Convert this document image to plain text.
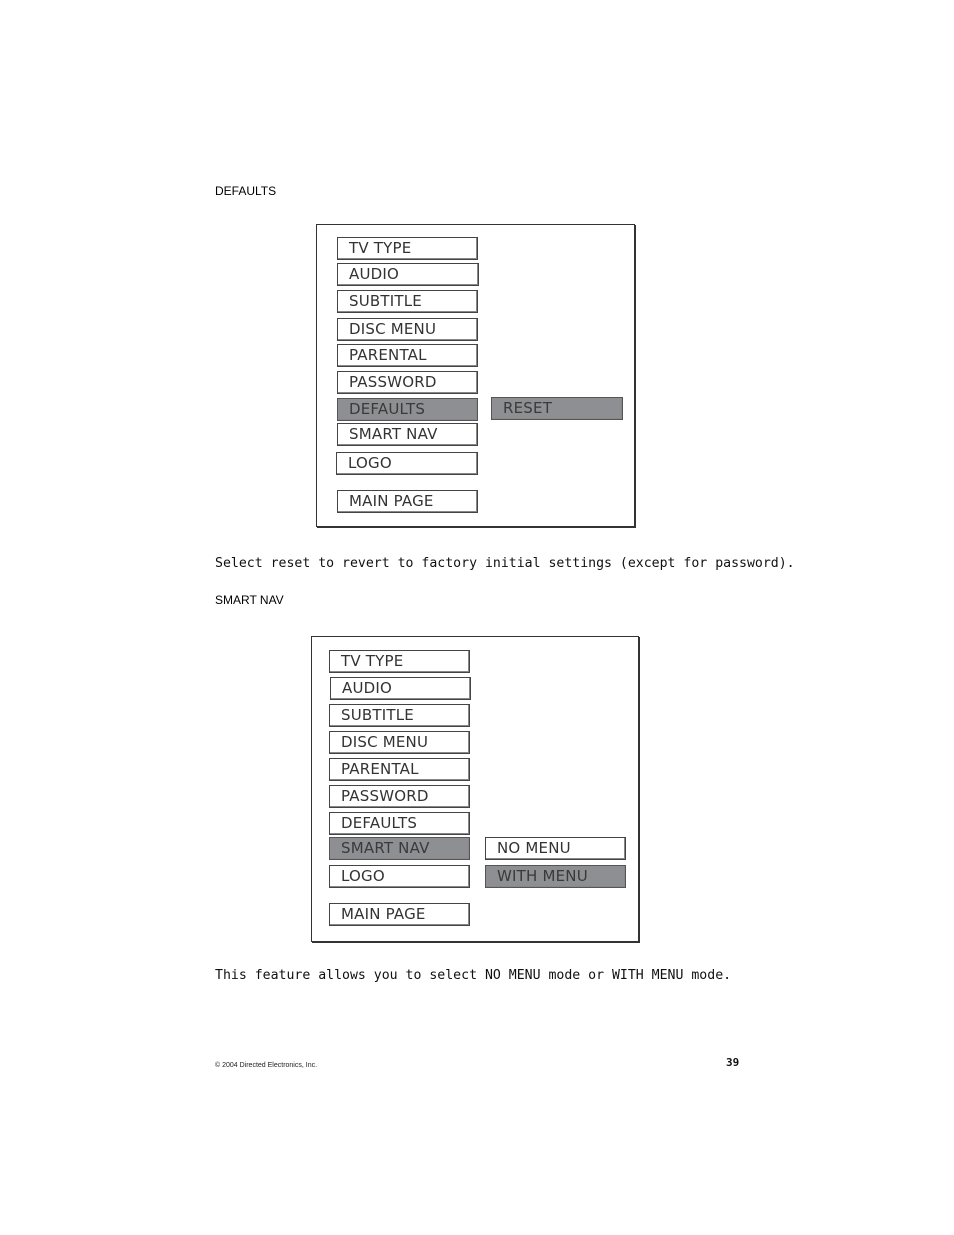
DEFAULTS
TV TYPE
AUDIO
SUBTITLE
DISC MENU
PARENTAL
PASSWORD
DEFAULTS
SMART NAV
LOGO
MAIN PAGE
RESET
Select reset to revert to factory initial settings (except for password).
SMART NAV
TV TYPE
AUDIO
SUBTITLE
DISC MENU
PARENTAL
PASSWORD
DEFAULTS
SMART NAV
LOGO
MAIN PAGE
NO MENU
WITH MENU
This feature allows you to select NO MENU mode or WITH MENU mode.
© 2004 Directed Electronics, Inc.	39
